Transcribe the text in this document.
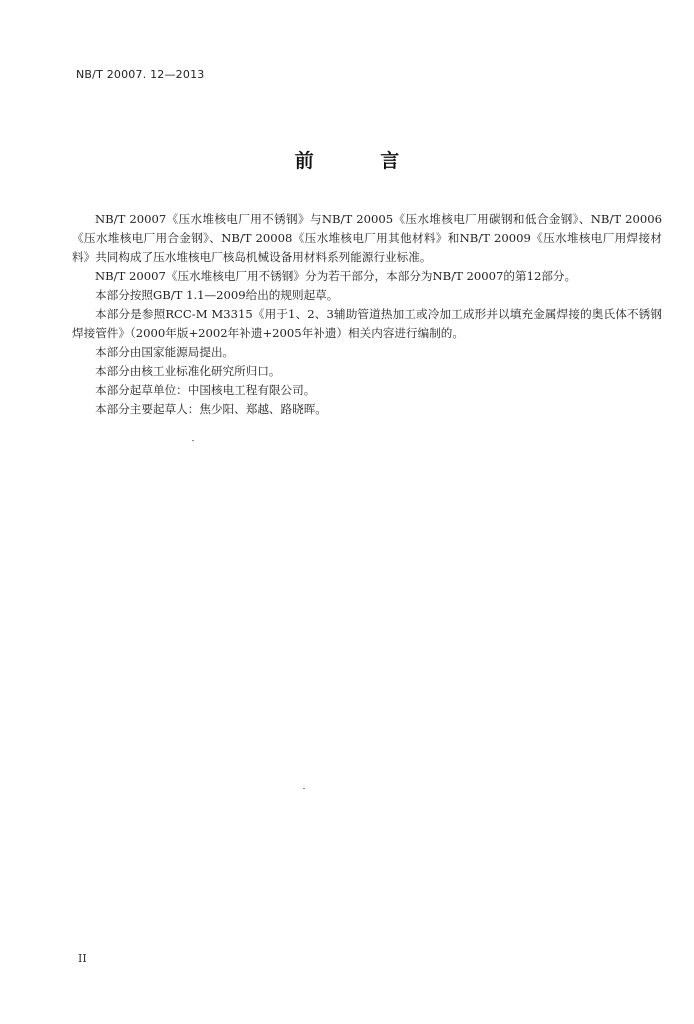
NB/T 20007. 12—2013
前 言

NB/T 20007《压水堆核电厂用不锈钢》与NB/T 20005《压水堆核电厂用碳钢和低合金钢》、NB/T 20006《压水堆核电厂用合金钢》、NB/T 20008《压水堆核电厂用其他材料》和NB/T 20009《压水堆核电厂用焊接材料》共同构成了压水堆核电厂核岛机械设备用材料系列能源行业标准。

NB/T 20007《压水堆核电厂用不锈钢》分为若干部分，本部分为NB/T 20007的第12部分。

本部分按照GB/T 1.1—2009给出的规则起草。

本部分是参照RCC-M M3315《用于1、2、3辅助管道热加工或冷加工成形并以填充金属焊接的奥氏体不锈钢焊接管件》（2000年版+2002年补遗+2005年补遗）相关内容进行编制的。

本部分由国家能源局提出。

本部分由核工业标准化研究所归口。

本部分起草单位：中国核电工程有限公司。

本部分主要起草人：焦少阳、郑越、路晓晖。

II
